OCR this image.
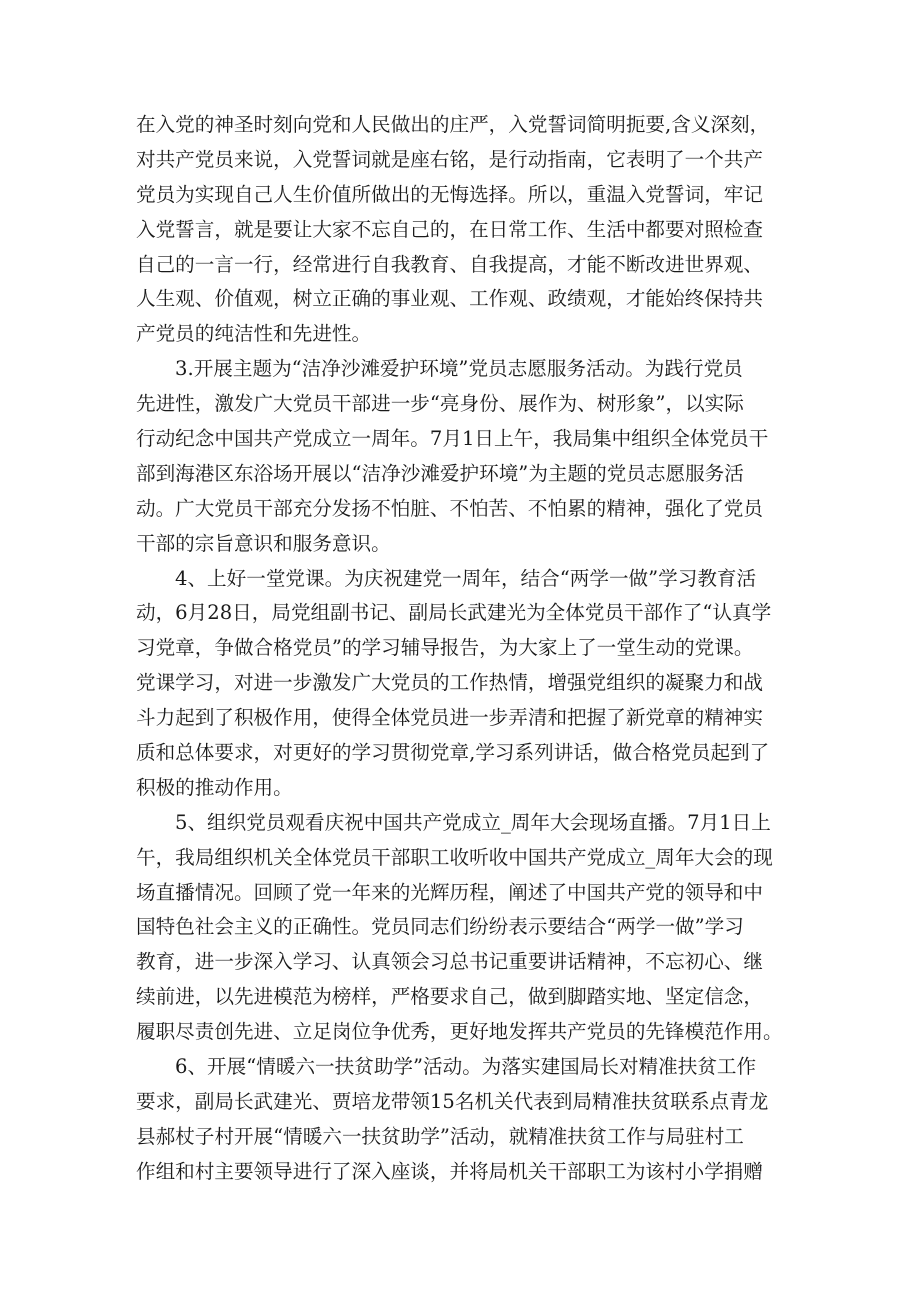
在入党的神圣时刻向党和人民做出的庄严，入党誓词简明扼要,含义深刻，
对共产党员来说，入党誓词就是座右铭，是行动指南，它表明了一个共产
党员为实现自己人生价值所做出的无悔选择。所以，重温入党誓词，牢记
入党誓言，就是要让大家不忘自己的，在日常工作、生活中都要对照检查
自己的一言一行，经常进行自我教育、自我提高，才能不断改进世界观、
人生观、价值观，树立正确的事业观、工作观、政绩观，才能始终保持共
产党员的纯洁性和先进性。
3.开展主题为“洁净沙滩爱护环境”党员志愿服务活动。为践行党员
先进性，激发广大党员干部进一步“亮身份、展作为、树形象”，以实际
行动纪念中国共产党成立一周年。7月1日上午，我局集中组织全体党员干
部到海港区东浴场开展以“洁净沙滩爱护环境”为主题的党员志愿服务活
动。广大党员干部充分发扬不怕脏、不怕苦、不怕累的精神，强化了党员
干部的宗旨意识和服务意识。
4、上好一堂党课。为庆祝建党一周年，结合“两学一做”学习教育活
动，6月28日，局党组副书记、副局长武建光为全体党员干部作了“认真学
习党章，争做合格党员”的学习辅导报告，为大家上了一堂生动的党课。
党课学习，对进一步激发广大党员的工作热情，增强党组织的凝聚力和战
斗力起到了积极作用，使得全体党员进一步弄清和把握了新党章的精神实
质和总体要求，对更好的学习贯彻党章,学习系列讲话，做合格党员起到了
积极的推动作用。
5、组织党员观看庆祝中国共产党成立_周年大会现场直播。7月1日上
午，我局组织机关全体党员干部职工收听收中国共产党成立_周年大会的现
场直播情况。回顾了党一年来的光辉历程，阐述了中国共产党的领导和中
国特色社会主义的正确性。党员同志们纷纷表示要结合“两学一做”学习
教育，进一步深入学习、认真领会习总书记重要讲话精神，不忘初心、继
续前进，以先进模范为榜样，严格要求自己，做到脚踏实地、坚定信念，
履职尽责创先进、立足岗位争优秀，更好地发挥共产党员的先锋模范作用。
6、开展“情暖六一扶贫助学”活动。为落实建国局长对精准扶贫工作
要求，副局长武建光、贾培龙带领15名机关代表到局精准扶贫联系点青龙
县郝杖子村开展“情暖六一扶贫助学”活动，就精准扶贫工作与局驻村工
作组和村主要领导进行了深入座谈，并将局机关干部职工为该村小学捐赠
